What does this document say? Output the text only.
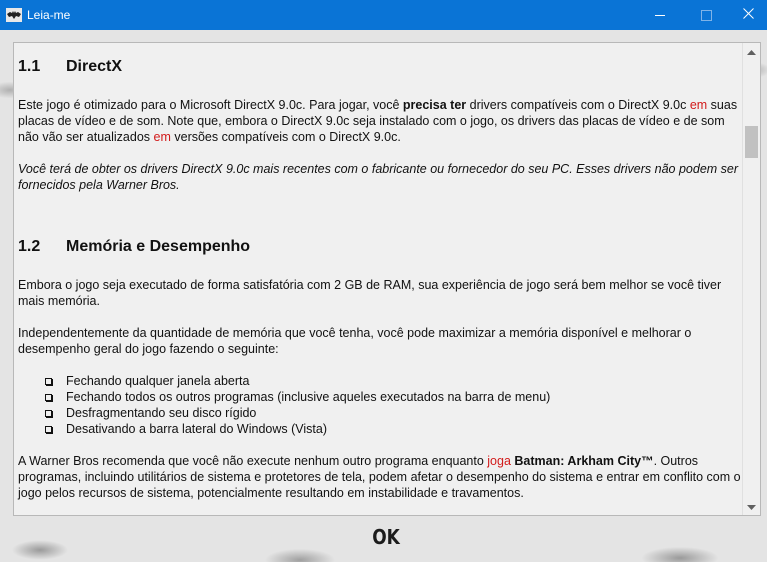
Leia-me
1.1	DirectX

Este jogo é otimizado para o Microsoft DirectX 9.0c. Para jogar, você precisa ter drivers compatíveis com o DirectX 9.0c em suas placas de vídeo e de som. Note que, embora o DirectX 9.0c seja instalado com o jogo, os drivers das placas de vídeo e de som não vão ser atualizados em versões compatíveis com o DirectX 9.0c.

Você terá de obter os drivers DirectX 9.0c mais recentes com o fabricante ou fornecedor do seu PC. Esses drivers não podem ser fornecidos pela Warner Bros.

1.2	Memória e Desempenho

Embora o jogo seja executado de forma satisfatória com 2 GB de RAM, sua experiência de jogo será bem melhor se você tiver mais memória.

Independentemente da quantidade de memória que você tenha, você pode maximizar a memória disponível e melhorar o desempenho geral do jogo fazendo o seguinte:

Fechando qualquer janela aberta
Fechando todos os outros programas (inclusive aqueles executados na barra de menu)
Desfragmentando seu disco rígido
Desativando a barra lateral do Windows (Vista)

A Warner Bros recomenda que você não execute nenhum outro programa enquanto joga Batman: Arkham City™. Outros programas, incluindo utilitários de sistema e protetores de tela, podem afetar o desempenho do sistema e entrar em conflito com o jogo pelos recursos de sistema, potencialmente resultando em instabilidade e travamentos.

OK
